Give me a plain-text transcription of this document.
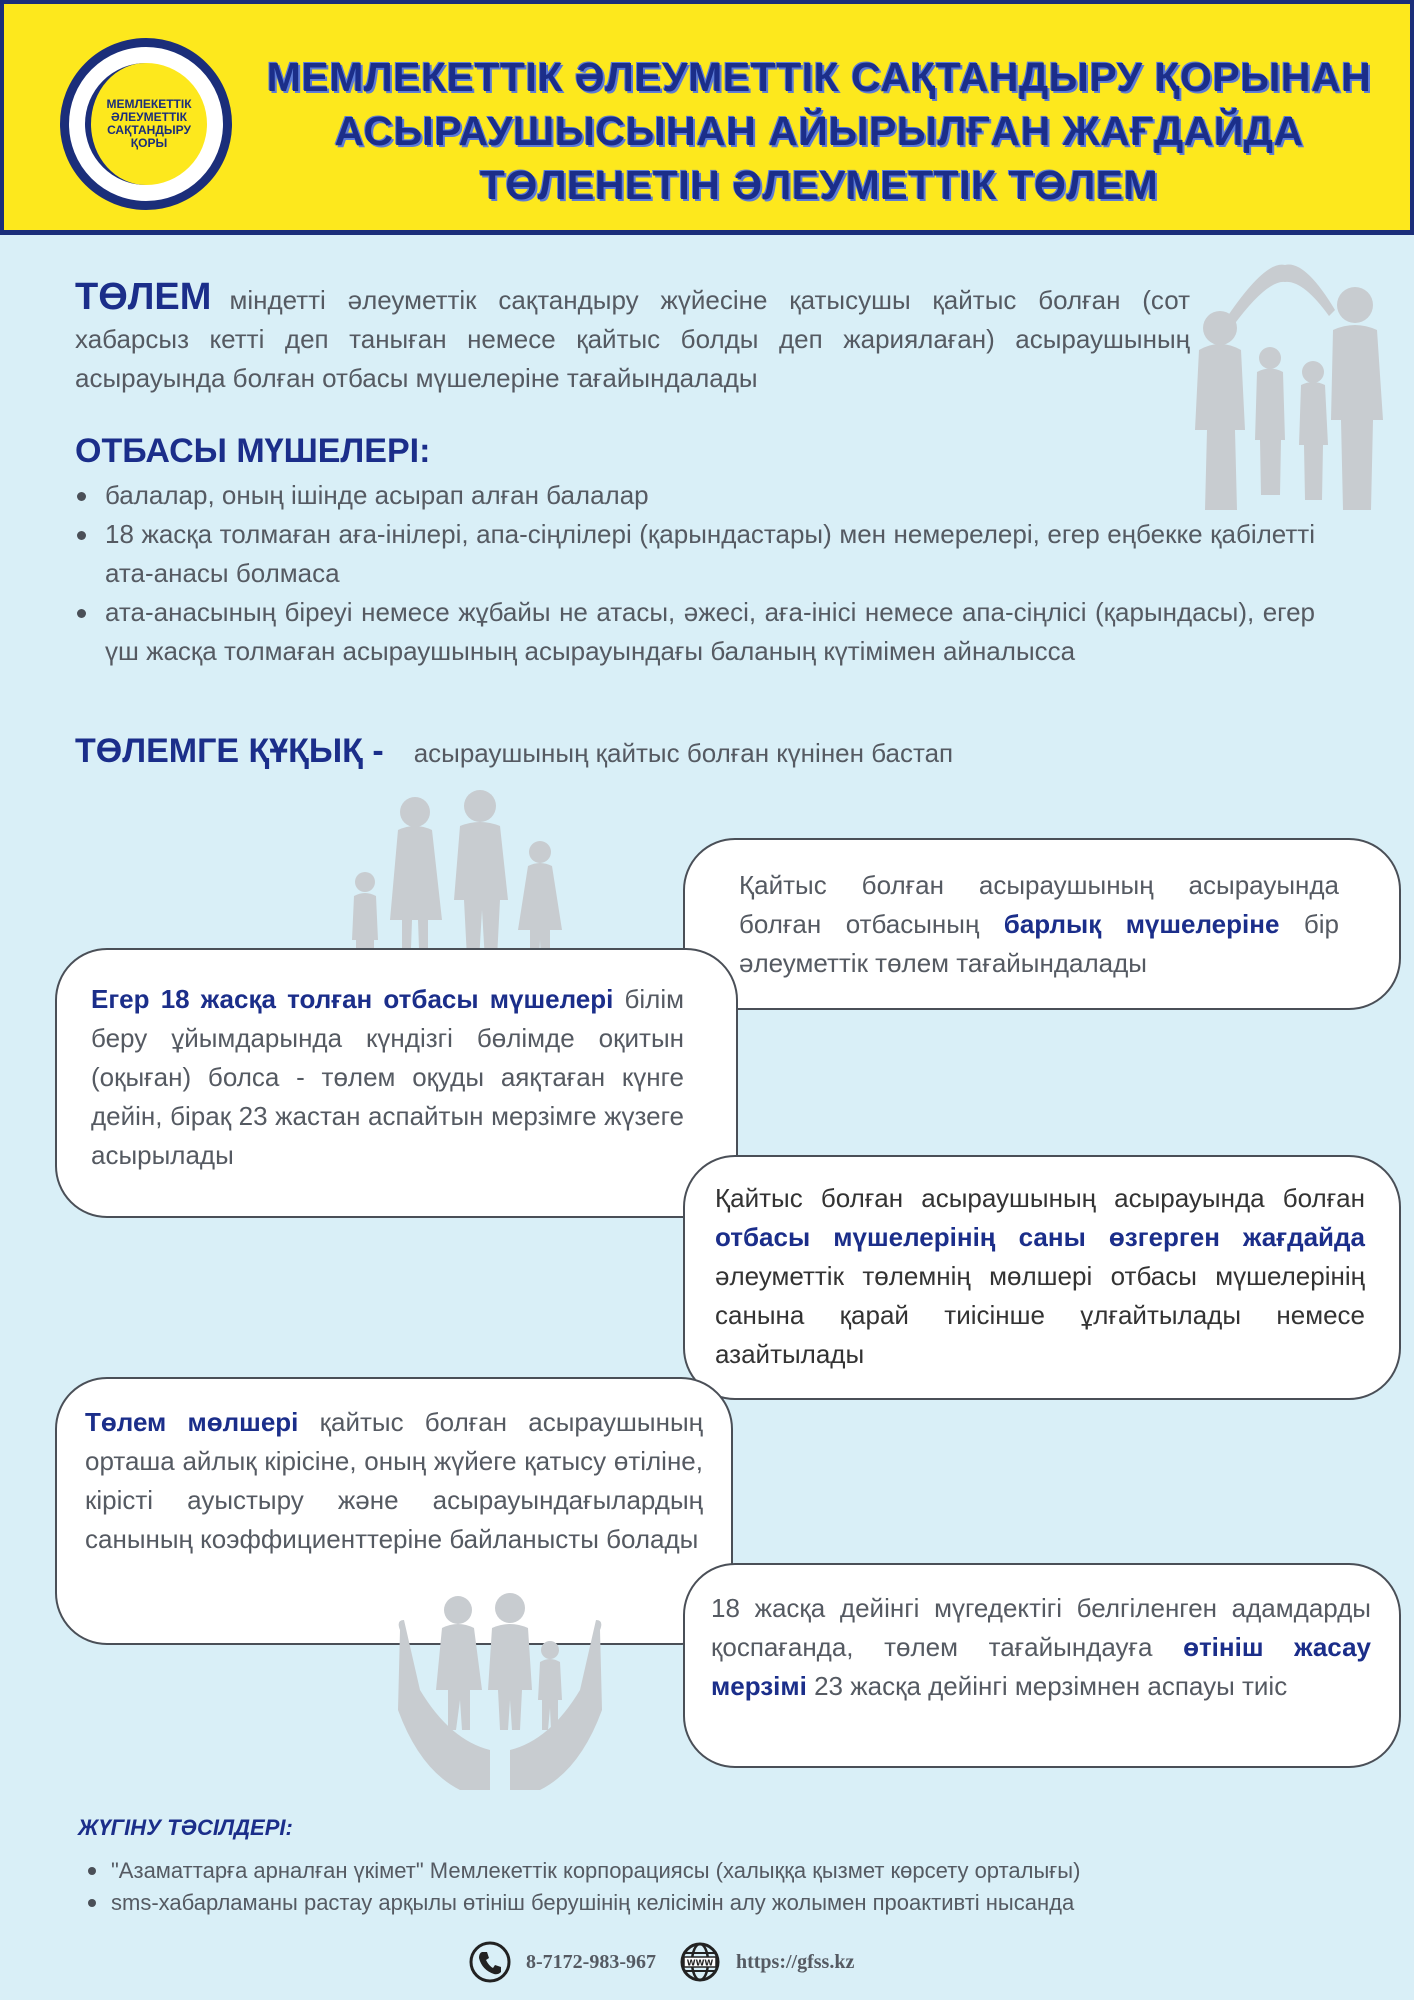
МЕМЛЕКЕТТІК ӘЛЕУМЕТТІК САҚТАНДЫРУ ҚОРЫ
МЕМЛЕКЕТТІК ӘЛЕУМЕТТІК САҚТАНДЫРУ ҚОРЫНАН
АСЫРАУШЫСЫНАН АЙЫРЫЛҒАН ЖАҒДАЙДА
ТӨЛЕНЕТІН ӘЛЕУМЕТТІК ТӨЛЕМ
ТӨЛЕМ міндетті әлеуметтік сақтандыру жүйесіне қатысушы қайтыс болған (сот хабарсыз кетті деп таныған немесе қайтыс болды деп жариялаған) асыраушының асырауында болған отбасы мүшелеріне тағайындалады
ОТБАСЫ МҮШЕЛЕРІ:
балалар, оның ішінде асырап алған балалар
18 жасқа толмаған аға-інілері, апа-сіңлілері (қарындастары) мен немерелері, егер еңбекке қабілетті ата-анасы болмаса
ата-анасының біреуі немесе жұбайы не атасы, әжесі, аға-інісі немесе апа-сіңлісі (қарындасы), егер үш жасқа толмаған асыраушының асырауындағы баланың күтімімен айналысса
ТӨЛЕМГЕ ҚҰҚЫҚ - асыраушының қайтыс болған күнінен бастап
Қайтыс болған асыраушының асырауында болған отбасының барлық мүшелеріне бір әлеуметтік төлем тағайындалады
Егер 18 жасқа толған отбасы мүшелері білім беру ұйымдарында күндізгі бөлімде оқитын (оқыған) болса - төлем оқуды аяқтаған күнге дейін, бірақ 23 жастан аспайтын мерзімге жүзеге асырылады
Қайтыс болған асыраушының асырауында болған отбасы мүшелерінің саны өзгерген жағдайда әлеуметтік төлемнің мөлшері отбасы мүшелерінің санына қарай тиісінше ұлғайтылады немесе азайтылады
Төлем мөлшері қайтыс болған асыраушының орташа айлық кірісіне, оның жүйеге қатысу өтіліне, кірісті ауыстыру және асырауындағылардың санының коэффициенттеріне байланысты болады
18 жасқа дейінгі мүгедектігі белгіленген адамдарды қоспағанда, төлем тағайындауға өтініш жасау мерзімі 23 жасқа дейінгі мерзімнен аспауы тиіс
ЖҮГІНУ ТӘСІЛДЕРІ:
"Азаматтарға арналған үкімет" Мемлекеттік корпорациясы (халыққа қызмет көрсету орталығы)
sms-хабарламаны растау арқылы өтініш берушінің келісімін алу жолымен проактивті нысанда
8-7172-983-967	WWW https://gfss.kz
